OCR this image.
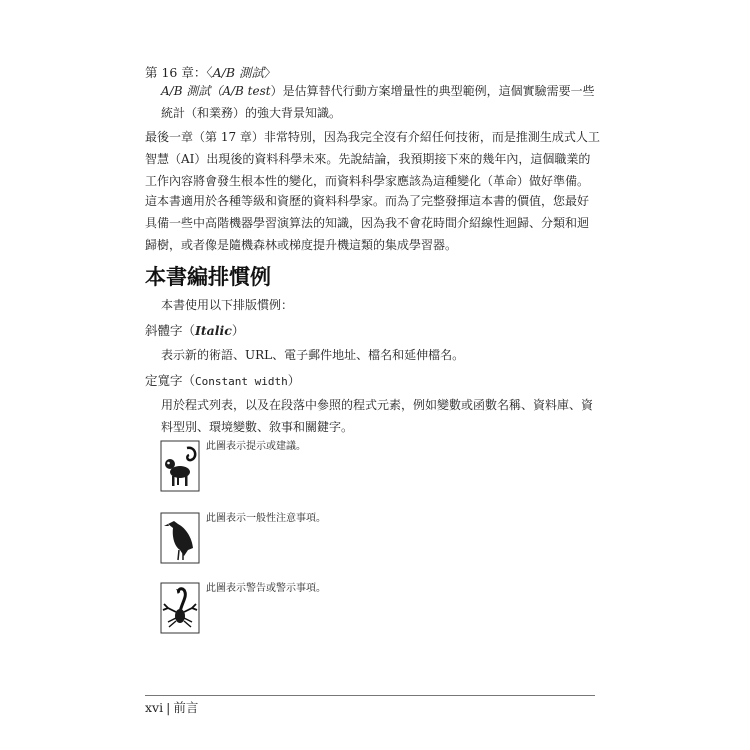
第 16 章：〈A/B 測試〉

A/B 測試（A/B test）是估算替代行動方案增量性的典型範例，這個實驗需要一些統計（和業務）的強大背景知識。

最後一章（第 17 章）非常特別，因為我完全沒有介紹任何技術，而是推測生成式人工智慧（AI）出現後的資料科學未來。先說結論，我預期接下來的幾年內，這個職業的工作內容將會發生根本性的變化，而資料科學家應該為這種變化（革命）做好準備。

這本書適用於各種等級和資歷的資料科學家。而為了完整發揮這本書的價值，您最好具備一些中高階機器學習演算法的知識，因為我不會花時間介紹線性迴歸、分類和迴歸樹，或者像是隨機森林或梯度提升機這類的集成學習器。

本書編排慣例

本書使用以下排版慣例：

斜體字（Italic）

表示新的術語、URL、電子郵件地址、檔名和延伸檔名。

定寬字（Constant width）

用於程式列表，以及在段落中參照的程式元素，例如變數或函數名稱、資料庫、資料型別、環境變數、敘事和關鍵字。

此圖表示提示或建議。
此圖表示一般性注意事項。
此圖表示警告或警示事項。
xvi | 前言
